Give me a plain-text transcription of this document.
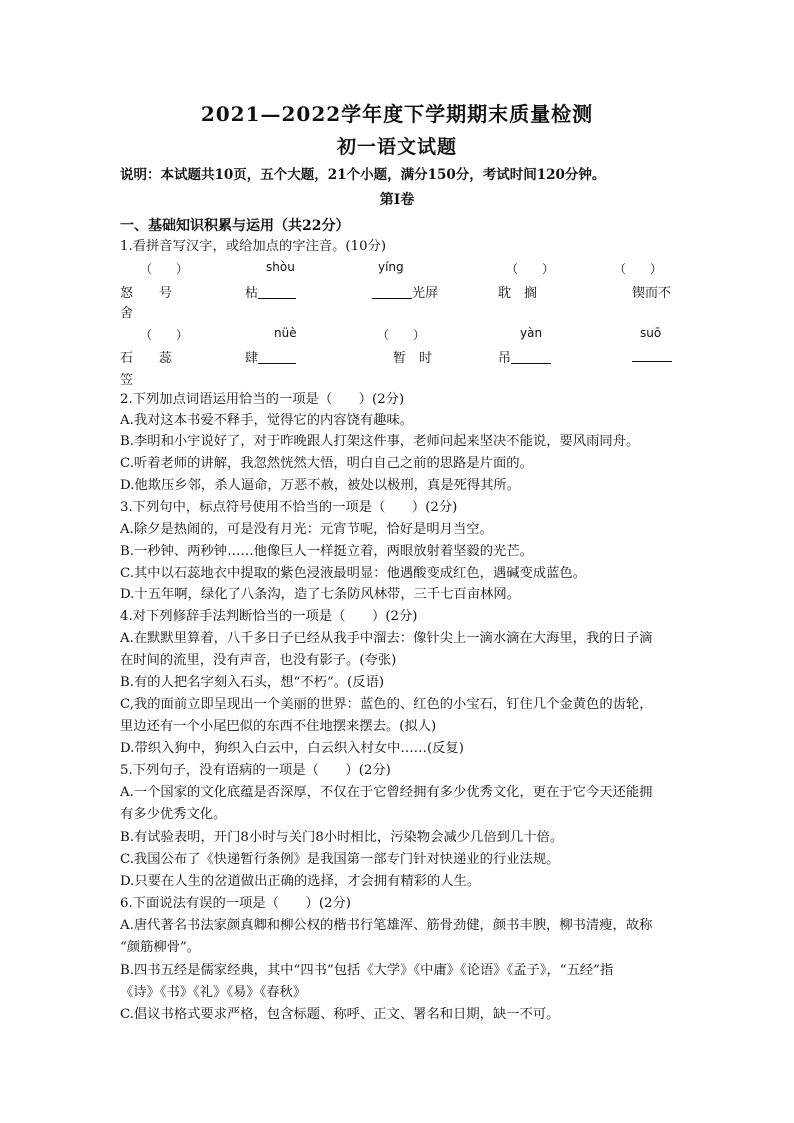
2021—2022学年度下学期期末质量检测
初一语文试题
说明：本试题共10页，五个大题，21个小题，满分150分，考试时间120分钟。
第Ⅰ卷
一、基础知识积累与运用（共22分）
1.看拼音写汉字，或给加点的字注音。(10分)
（　　）	shòu	yíng	（　　）	（　　）
怒　　号	枯	光屏	耽　搁	锲而不
舍
（　　）	nüè	（　　）	yàn	suō
石　　蕊	肆	暂　时	吊
笠
2.下列加点词语运用恰当的一项是（　　）(2分)
A.我对这本书爱不释手，觉得它的内容饶有趣味。
B.李明和小宇说好了，对于昨晚跟人打架这件事，老师问起来坚决不能说，要风雨同舟。
C.听着老师的讲解，我忽然恍然大悟，明白自己之前的思路是片面的。
D.他欺压乡邻，杀人逼命，万恶不赦，被处以极刑，真是死得其所。
3.下列句中，标点符号使用不恰当的一项是（　　）(2分)
A.除夕是热闹的，可是没有月光：元宵节呢，恰好是明月当空。
B.一秒钟、两秒钟……他像巨人一样挺立着，两眼放射着坚毅的光芒。
C.其中以石蕊地衣中提取的紫色浸液最明显：他遇酸变成红色，遇碱变成蓝色。
D.十五年啊，绿化了八条沟，造了七条防风林带，三千七百亩林网。
4.对下列修辞手法判断恰当的一项是（　　）(2分)
A.在默默里算着，八千多日子已经从我手中溜去：像针尖上一滴水滴在大海里，我的日子滴
在时间的流里，没有声音，也没有影子。(夸张)
B.有的人把名字刻入石头，想“不朽”。(反语)
C,我的面前立即呈现出一个美丽的世界：蓝色的、红色的小宝石，钉住几个金黄色的齿轮，
里边还有一个小尾巴似的东西不住地摆来摆去。(拟人)
D.带织入狗中，狗织入白云中，白云织入村女中……(反复)
5.下列句子，没有语病的一项是（　　）(2分)
A.一个国家的文化底蕴是否深厚，不仅在于它曾经拥有多少优秀文化，更在于它今天还能拥
有多少优秀文化。
B.有试验表明，开门8小时与关门8小时相比，污染物会减少几倍到几十倍。
C.我国公布了《快递暂行条例》是我国第一部专门针对快递业的行业法规。
D.只要在人生的岔道做出正确的选择，才会拥有精彩的人生。
6.下面说法有误的一项是（　　）(2分)
A.唐代著名书法家颜真卿和柳公权的楷书行笔雄浑、筋骨劲健，颜书丰腴，柳书清瘦，故称
“颜筋柳骨”。
B.四书五经是儒家经典，其中“四书”包括《大学》《中庸》《论语》《孟子》，“五经”指
《诗》《书》《礼》《易》《春秋》
C.倡议书格式要求严格，包含标题、称呼、正文、署名和日期，缺一不可。
